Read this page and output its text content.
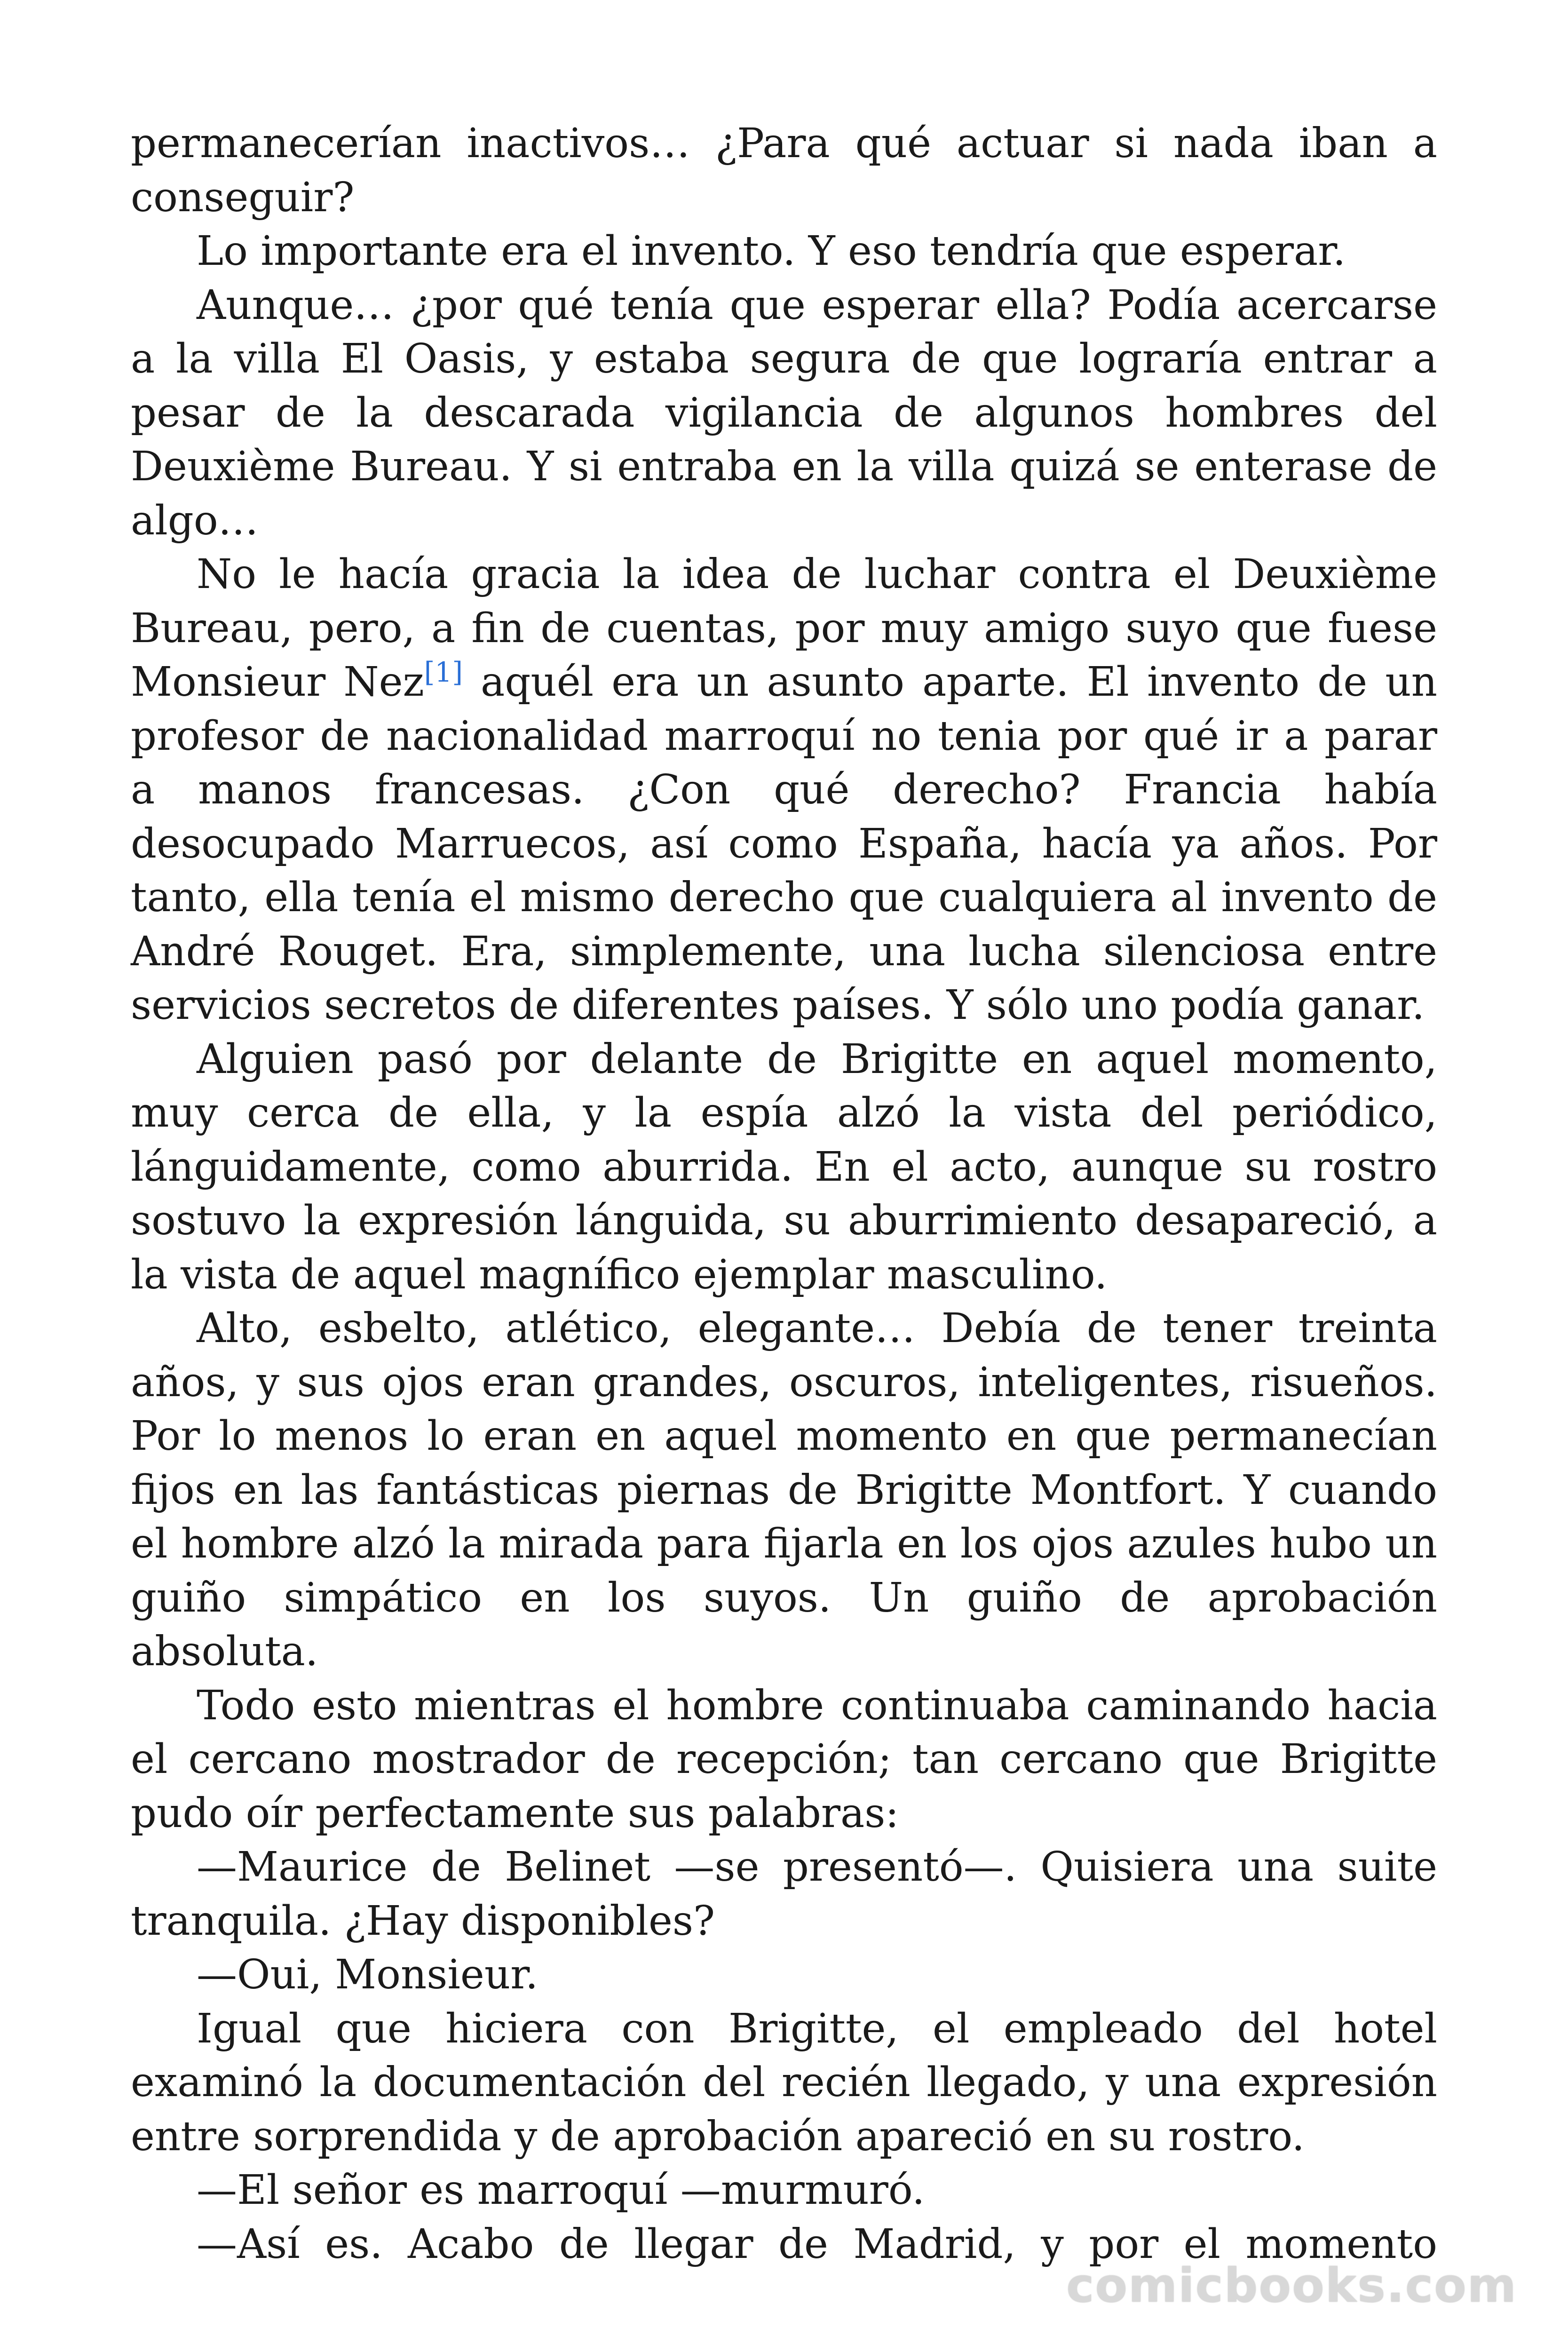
permanecerían inactivos… ¿Para qué actuar si nada iban a conseguir?

Lo importante era el invento. Y eso tendría que esperar.

Aunque… ¿por qué tenía que esperar ella? Podía acercarse a la villa El Oasis, y estaba segura de que lograría entrar a pesar de la descarada vigilancia de algunos hombres del Deuxième Bureau. Y si entraba en la villa quizá se enterase de algo…

No le hacía gracia la idea de luchar contra el Deuxième Bureau, pero, a fin de cuentas, por muy amigo suyo que fuese Monsieur Nez[1] aquél era un asunto aparte. El invento de un profesor de nacionalidad marroquí no tenia por qué ir a parar a manos francesas. ¿Con qué derecho? Francia había desocupado Marruecos, así como España, hacía ya años. Por tanto, ella tenía el mismo derecho que cualquiera al invento de André Rouget. Era, simplemente, una lucha silenciosa entre servicios secretos de diferentes países. Y sólo uno podía ganar.

Alguien pasó por delante de Brigitte en aquel momento, muy cerca de ella, y la espía alzó la vista del periódico, lánguidamente, como aburrida. En el acto, aunque su rostro sostuvo la expresión lánguida, su aburrimiento desapareció, a la vista de aquel magnífico ejemplar masculino.

Alto, esbelto, atlético, elegante… Debía de tener treinta años, y sus ojos eran grandes, oscuros, inteligentes, risueños. Por lo menos lo eran en aquel momento en que permanecían fijos en las fantásticas piernas de Brigitte Montfort. Y cuando el hombre alzó la mirada para fijarla en los ojos azules hubo un guiño simpático en los suyos. Un guiño de aprobación absoluta.

Todo esto mientras el hombre continuaba caminando hacia el cercano mostrador de recepción; tan cercano que Brigitte pudo oír perfectamente sus palabras:

—Maurice de Belinet —se presentó—. Quisiera una suite tranquila. ¿Hay disponibles?

—Oui, Monsieur.

Igual que hiciera con Brigitte, el empleado del hotel examinó la documentación del recién llegado, y una expresión entre sorprendida y de aprobación apareció en su rostro.

—El señor es marroquí —murmuró.

—Así es. Acabo de llegar de Madrid, y por el momento

comicbooks.com
